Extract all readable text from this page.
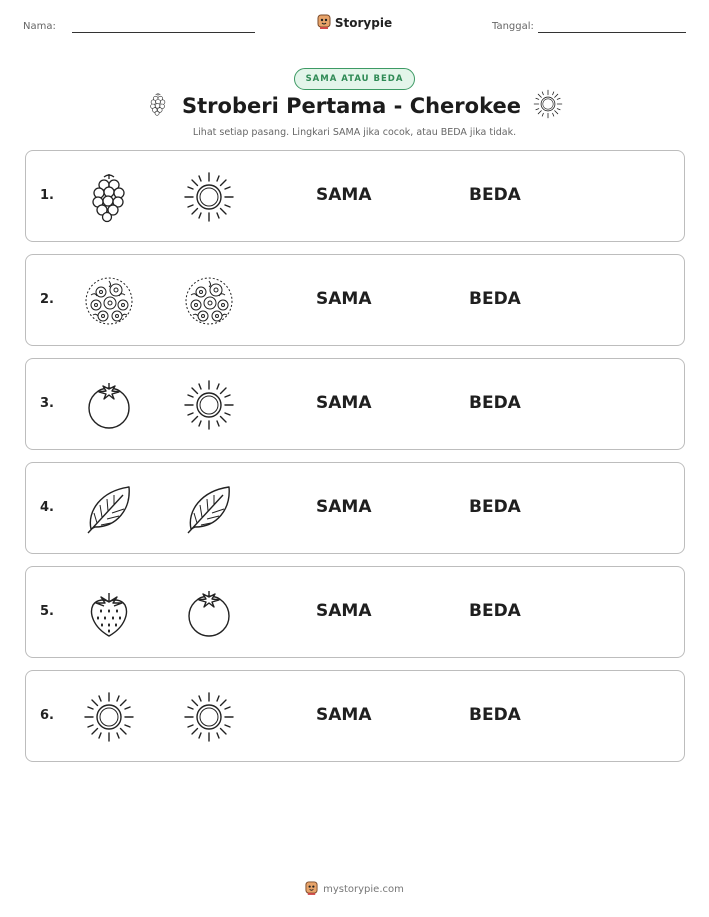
Nama:	Storypie	Tanggal:
SAMA ATAU BEDA
Stroberi Pertama - Cherokee
Lihat setiap pasang. Lingkari SAMA jika cocok, atau BEDA jika tidak.
1.	SAMA	BEDA
2.	SAMA	BEDA
3.	SAMA	BEDA
4.	SAMA	BEDA
5.	SAMA	BEDA
6.	SAMA	BEDA
mystorypie.com
